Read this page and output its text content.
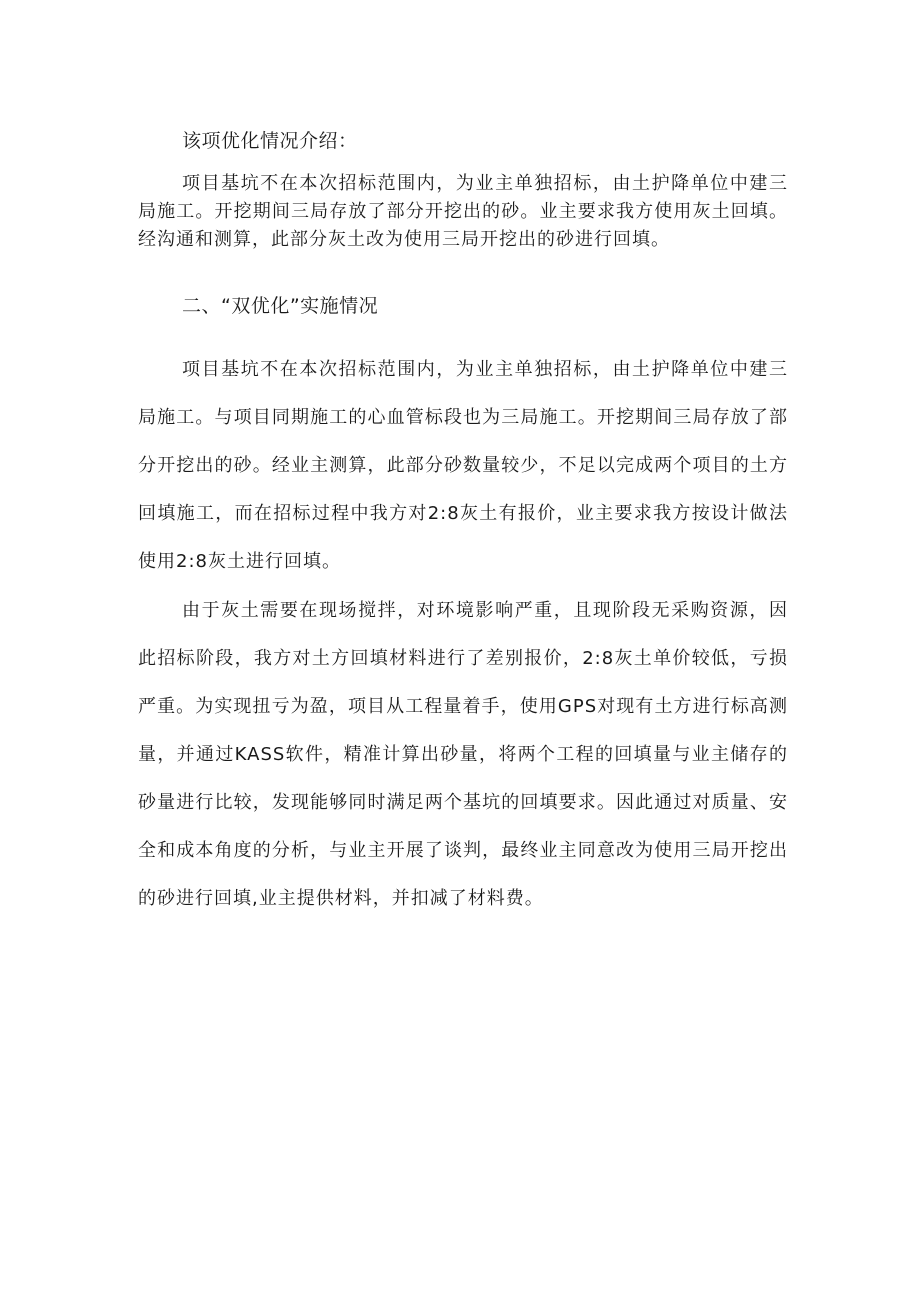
该项优化情况介绍：

项目基坑不在本次招标范围内，为业主单独招标，由土护降单位中建三局施工。开挖期间三局存放了部分开挖出的砂。业主要求我方使用灰土回填。经沟通和测算，此部分灰土改为使用三局开挖出的砂进行回填。

二、“双优化”实施情况

项目基坑不在本次招标范围内，为业主单独招标，由土护降单位中建三局施工。与项目同期施工的心血管标段也为三局施工。开挖期间三局存放了部分开挖出的砂。经业主测算，此部分砂数量较少，不足以完成两个项目的土方回填施工，而在招标过程中我方对2:8灰土有报价，业主要求我方按设计做法使用2:8灰土进行回填。

由于灰土需要在现场搅拌，对环境影响严重，且现阶段无采购资源，因此招标阶段，我方对土方回填材料进行了差别报价，2:8灰土单价较低，亏损严重。为实现扭亏为盈，项目从工程量着手，使用GPS对现有土方进行标高测量，并通过KASS软件，精准计算出砂量，将两个工程的回填量与业主储存的砂量进行比较，发现能够同时满足两个基坑的回填要求。因此通过对质量、安全和成本角度的分析，与业主开展了谈判，最终业主同意改为使用三局开挖出的砂进行回填,业主提供材料，并扣减了材料费。
